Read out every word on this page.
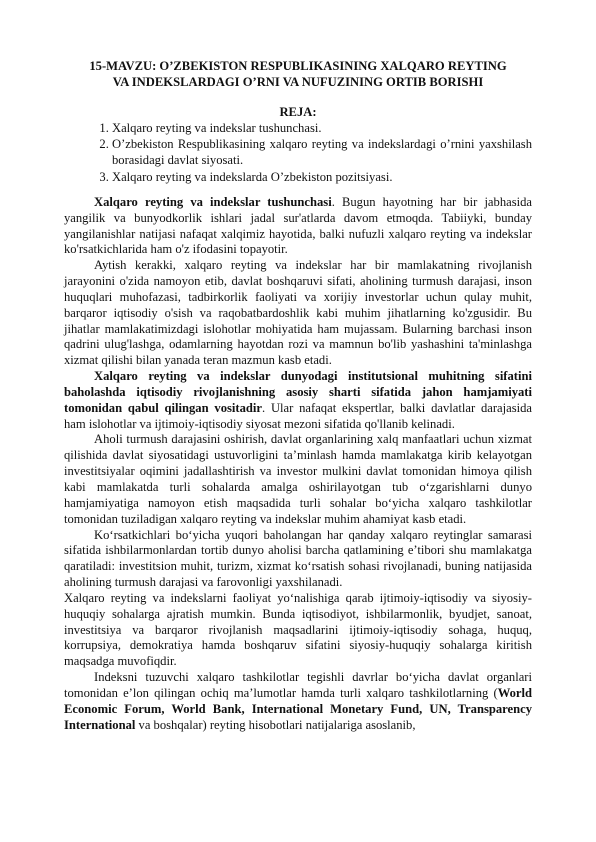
15-MAVZU: O’ZBEKISTON RESPUBLIKASINING XALQARO REYTING
VA INDEKSLARDAGI O’RNI VA NUFUZINING ORTIB BORISHI
REJA:
1. Xalqaro reyting va indekslar tushunchasi.
2. O’zbekiston Respublikasining xalqaro reyting va indekslardagi o’rnini yaxshilash borasidagi davlat siyosati.
3. Xalqaro reyting va indekslarda O’zbekiston pozitsiyasi.

Xalqaro reyting va indekslar tushunchasi. Bugun hayotning har bir jabhasida yangilik va bunyodkorlik ishlari jadal sur'atlarda davom etmoqda. Tabiiyki, bunday yangilanishlar natijasi nafaqat xalqimiz hayotida, balki nufuzli xalqaro reyting va indekslar ko'rsatkichlarida ham o'z ifodasini topayotir.

Aytish kerakki, xalqaro reyting va indekslar har bir mamlakatning rivojlanish jarayonini o'zida namoyon etib, davlat boshqaruvi sifati, aholining turmush darajasi, inson huquqlari muhofazasi, tadbirkorlik faoliyati va xorijiy investorlar uchun qulay muhit, barqaror iqtisodiy o'sish va raqobatbardoshlik kabi muhim jihatlarning ko'zgusidir. Bu jihatlar mamlakatimizdagi islohotlar mohiyatida ham mujassam. Bularning barchasi inson qadrini ulug'lashga, odamlarning hayotdan rozi va mamnun bo'lib yashashini ta'minlashga xizmat qilishi bilan yanada teran mazmun kasb etadi.

Xalqaro reyting va indekslar dunyodagi institutsional muhitning sifatini baholashda iqtisodiy rivojlanishning asosiy sharti sifatida jahon hamjamiyati tomonidan qabul qilingan vositadir. Ular nafaqat ekspertlar, balki davlatlar darajasida ham islohotlar va ijtimoiy-iqtisodiy siyosat mezoni sifatida qo'llanib kelinadi.

Aholi turmush darajasini oshirish, davlat organlarining xalq manfaatlari uchun xizmat qilishida davlat siyosatidagi ustuvorligini ta’minlash hamda mamlakatga kirib kelayotgan investitsiyalar oqimini jadallashtirish va investor mulkini davlat tomonidan himoya qilish kabi mamlakatda turli sohalarda amalga oshirilayotgan tub o‘zgarishlarni dunyo hamjamiyatiga namoyon etish maqsadida turli sohalar bo‘yicha xalqaro tashkilotlar tomonidan tuziladigan xalqaro reyting va indekslar muhim ahamiyat kasb etadi.

Ko‘rsatkichlari bo‘yicha yuqori baholangan har qanday xalqaro reytinglar samarasi sifatida ishbilarmonlardan tortib dunyo aholisi barcha qatlamining e’tibori shu mamlakatga qaratiladi: investitsion muhit, turizm, xizmat ko‘rsatish sohasi rivojlanadi, buning natijasida aholining turmush darajasi va farovonligi yaxshilanadi.

Xalqaro reyting va indekslarni faoliyat yo‘nalishiga qarab ijtimoiy-iqtisodiy va siyosiy-huquqiy sohalarga ajratish mumkin. Bunda iqtisodiyot, ishbilarmonlik, byudjet, sanoat, investitsiya va barqaror rivojlanish maqsadlarini ijtimoiy-iqtisodiy sohaga, huquq, korrupsiya, demokratiya hamda boshqaruv sifatini siyosiy-huquqiy sohalarga kiritish maqsadga muvofiqdir.

Indeksni tuzuvchi xalqaro tashkilotlar tegishli davrlar bo‘yicha davlat organlari tomonidan e’lon qilingan ochiq ma’lumotlar hamda turli xalqaro tashkilotlarning (World Economic Forum, World Bank, International Monetary Fund, UN, Transparency International va boshqalar) reyting hisobotlari natijalariga asoslanib,
